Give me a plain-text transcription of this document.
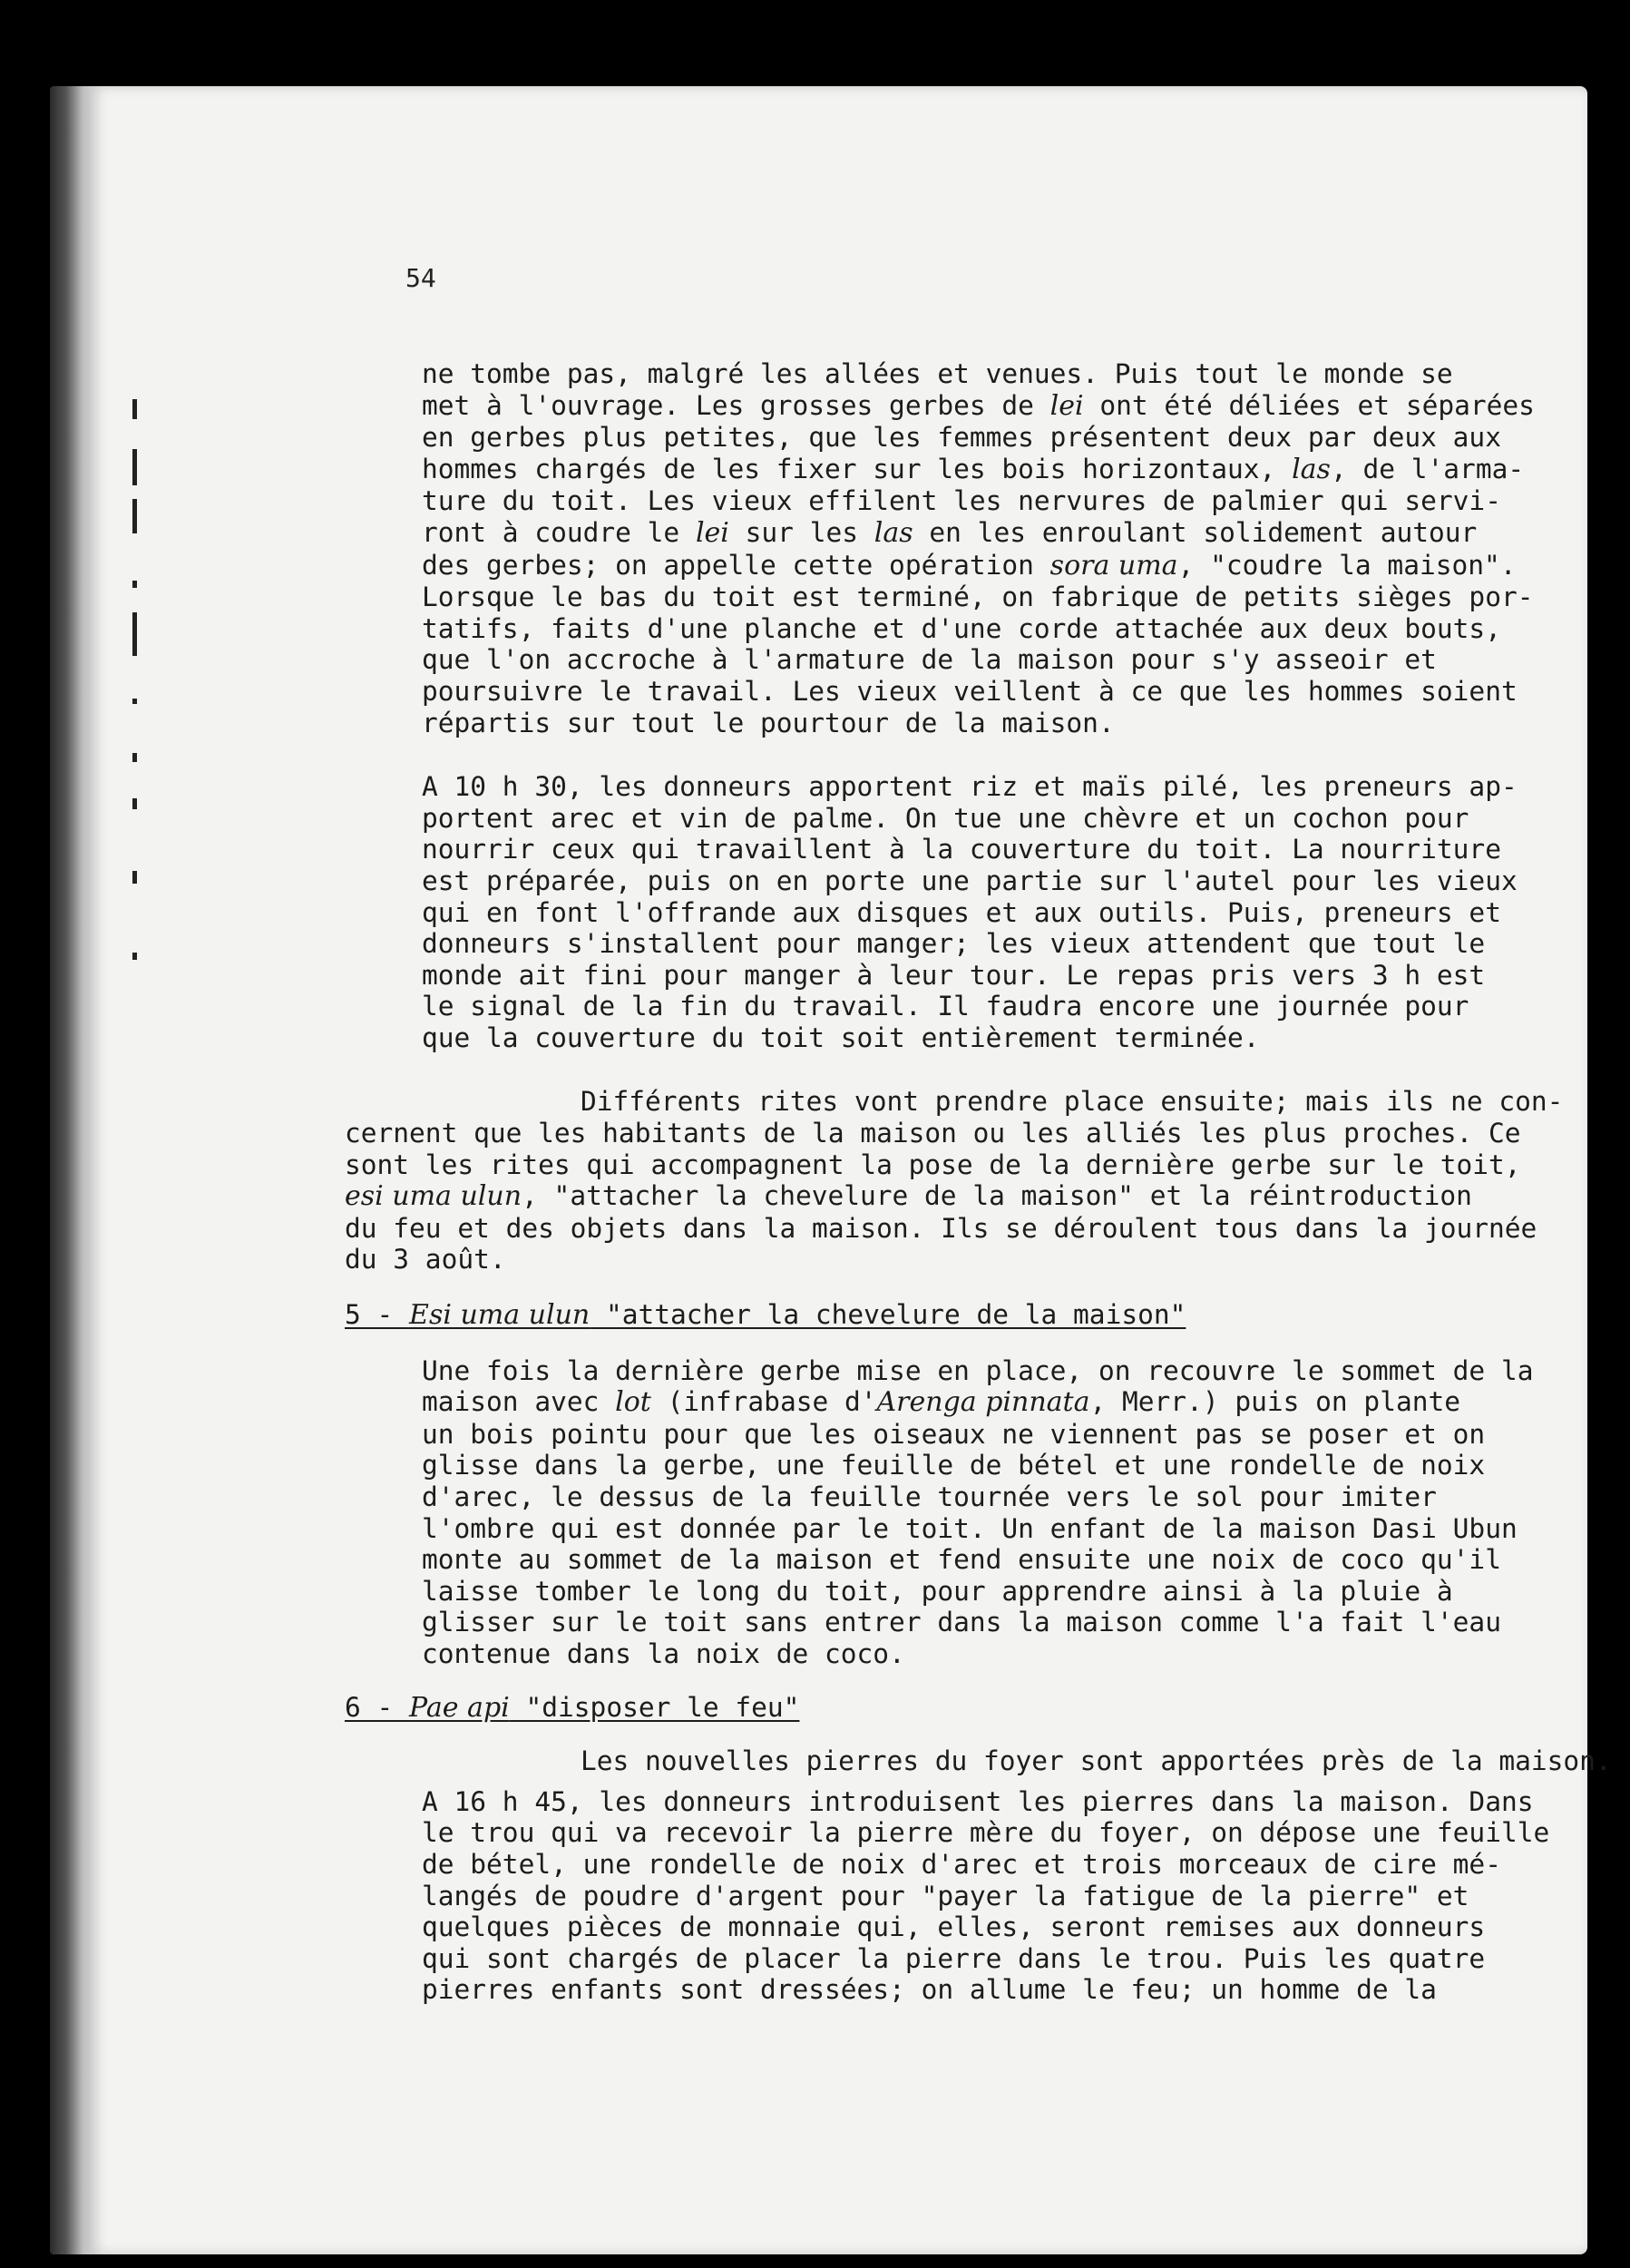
54
ne tombe pas, malgré les allées et venues. Puis tout le monde se
met à l'ouvrage. Les grosses gerbes de lei ont été déliées et séparées
en gerbes plus petites, que les femmes présentent deux par deux aux
hommes chargés de les fixer sur les bois horizontaux, las, de l'arma-
ture du toit. Les vieux effilent les nervures de palmier qui servi-
ront à coudre le lei sur les las en les enroulant solidement autour
des gerbes; on appelle cette opération sora uma, "coudre la maison".
Lorsque le bas du toit est terminé, on fabrique de petits sièges por-
tatifs, faits d'une planche et d'une corde attachée aux deux bouts,
que l'on accroche à l'armature de la maison pour s'y asseoir et
poursuivre le travail. Les vieux veillent à ce que les hommes soient
répartis sur tout le pourtour de la maison.
A 10 h 30, les donneurs apportent riz et maïs pilé, les preneurs ap-
portent arec et vin de palme. On tue une chèvre et un cochon pour
nourrir ceux qui travaillent à la couverture du toit. La nourriture
est préparée, puis on en porte une partie sur l'autel pour les vieux
qui en font l'offrande aux disques et aux outils. Puis, preneurs et
donneurs s'installent pour manger; les vieux attendent que tout le
monde ait fini pour manger à leur tour. Le repas pris vers 3 h est
le signal de la fin du travail. Il faudra encore une journée pour
que la couverture du toit soit entièrement terminée.
Différents rites vont prendre place ensuite; mais ils ne con-
cernent que les habitants de la maison ou les alliés les plus proches. Ce
sont les rites qui accompagnent la pose de la dernière gerbe sur le toit,
esi uma ulun, "attacher la chevelure de la maison" et la réintroduction
du feu et des objets dans la maison. Ils se déroulent tous dans la journée
du 3 août.
5 - Esi uma ulun "attacher la chevelure de la maison"
Une fois la dernière gerbe mise en place, on recouvre le sommet de la
maison avec lot (infrabase d'Arenga pinnata, Merr.) puis on plante
un bois pointu pour que les oiseaux ne viennent pas se poser et on
glisse dans la gerbe, une feuille de bétel et une rondelle de noix
d'arec, le dessus de la feuille tournée vers le sol pour imiter
l'ombre qui est donnée par le toit. Un enfant de la maison Dasi Ubun
monte au sommet de la maison et fend ensuite une noix de coco qu'il
laisse tomber le long du toit, pour apprendre ainsi à la pluie à
glisser sur le toit sans entrer dans la maison comme l'a fait l'eau
contenue dans la noix de coco.
6 - Pae api "disposer le feu"
Les nouvelles pierres du foyer sont apportées près de la maison.
A 16 h 45, les donneurs introduisent les pierres dans la maison. Dans
le trou qui va recevoir la pierre mère du foyer, on dépose une feuille
de bétel, une rondelle de noix d'arec et trois morceaux de cire mé-
langés de poudre d'argent pour "payer la fatigue de la pierre" et
quelques pièces de monnaie qui, elles, seront remises aux donneurs
qui sont chargés de placer la pierre dans le trou. Puis les quatre
pierres enfants sont dressées; on allume le feu; un homme de la
